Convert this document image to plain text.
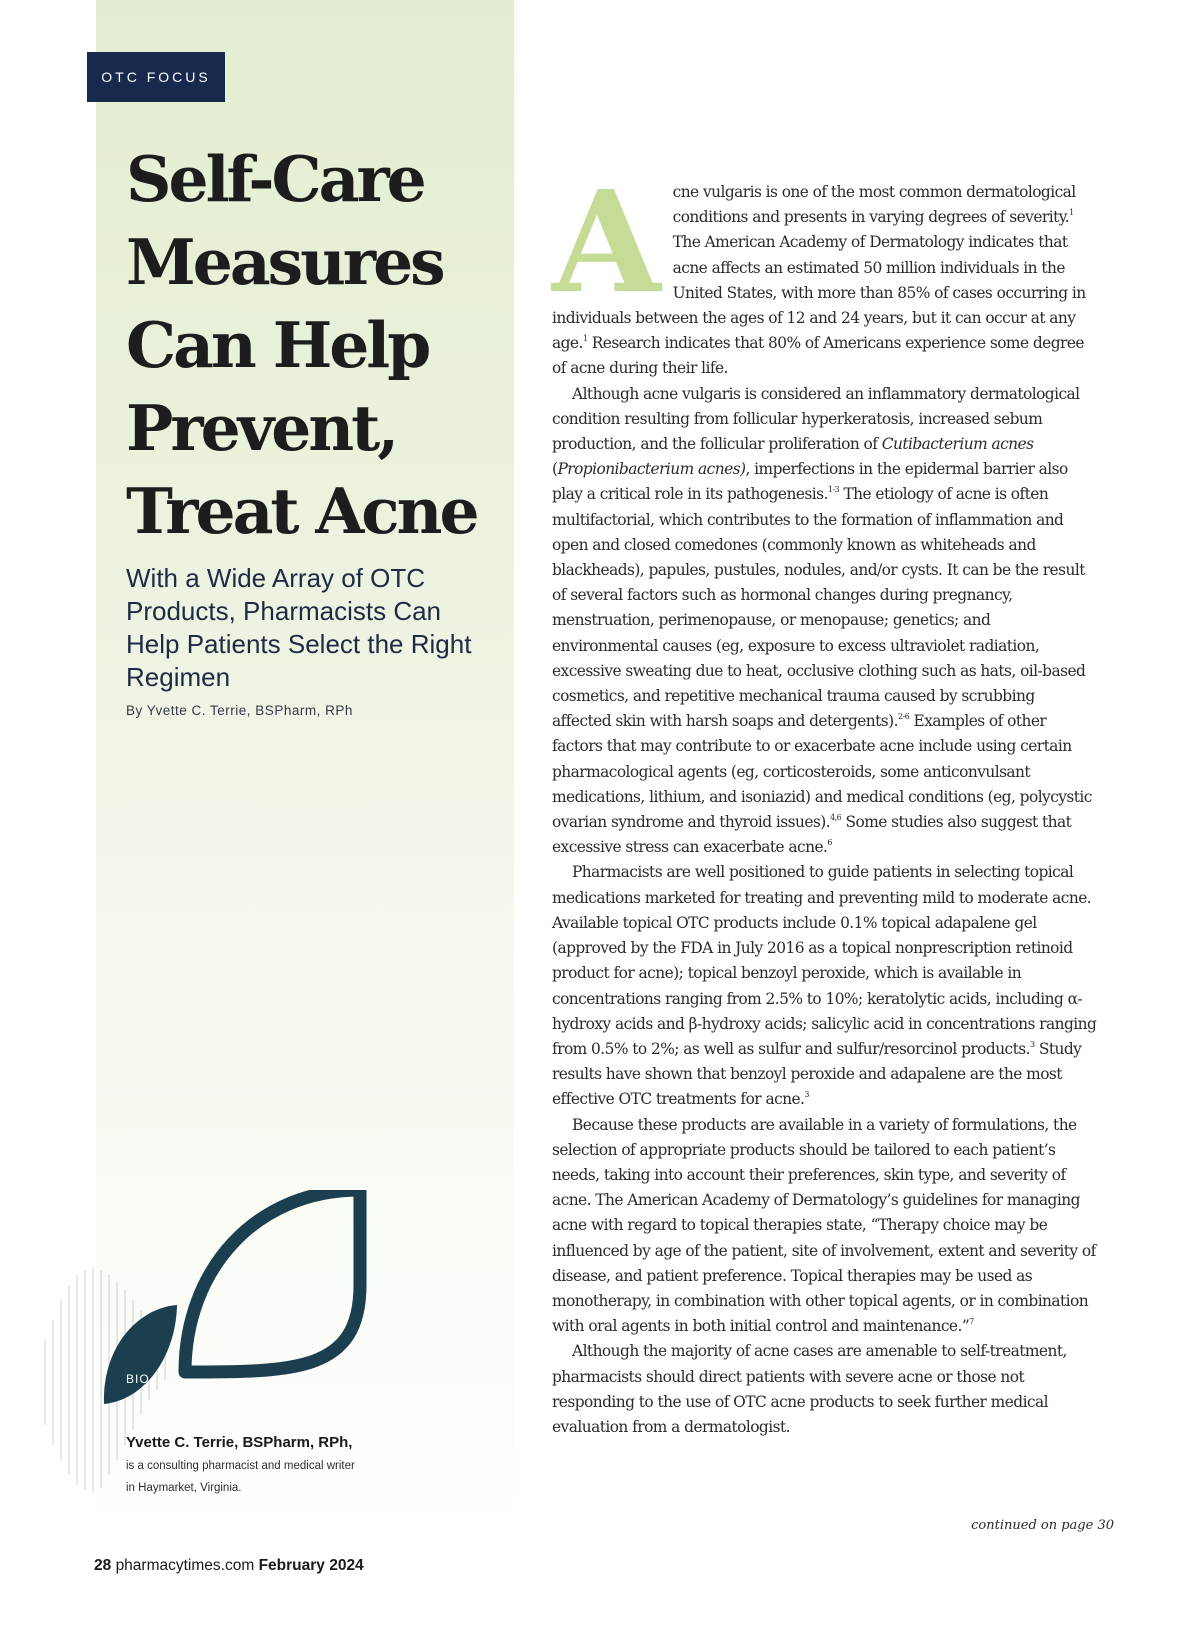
OTC FOCUS
Self-Care
Measures
Can Help
Prevent,
Treat Acne
With a Wide Array of OTC Products, Pharmacists Can Help Patients Select the Right Regimen
By Yvette C. Terrie, BSPharm, RPh
BIO
Yvette C. Terrie, BSPharm, RPh, is a consulting pharmacist and medical writer in Haymarket, Virginia.

Acne vulgaris is one of the most common dermatological conditions and presents in varying degrees of severity.$^1$ The American Academy of Dermatology indicates that acne affects an estimated 50 million individuals in the United States, with more than 85% of cases occurring in individuals between the ages of 12 and 24 years, but it can occur at any age.$^1$ Research indicates that 80% of Americans experience some degree of acne during their life.

Although acne vulgaris is considered an inflammatory dermatological condition resulting from follicular hyperkeratosis, increased sebum production, and the follicular proliferation of Cutibacterium acnes (Propionibacterium acnes), imperfections in the epidermal barrier also play a critical role in its pathogenesis.$^{1-3}$ The etiology of acne is often multifactorial, which contributes to the formation of inflammation and open and closed comedones (commonly known as whiteheads and blackheads), papules, pustules, nodules, and/or cysts. It can be the result of several factors such as hormonal changes during pregnancy, menstruation, perimenopause, or menopause; genetics; and environmental causes (eg, exposure to excess ultraviolet radiation, excessive sweating due to heat, occlusive clothing such as hats, oil-based cosmetics, and repetitive mechanical trauma caused by scrubbing affected skin with harsh soaps and detergents).$^{2-6}$ Examples of other factors that may contribute to or exacerbate acne include using certain pharmacological agents (eg, corticosteroids, some anticonvulsant medications, lithium, and isoniazid) and medical conditions (eg, polycystic ovarian syndrome and thyroid issues).$^{4,6}$ Some studies also suggest that excessive stress can exacerbate acne.$^6$

Pharmacists are well positioned to guide patients in selecting topical medications marketed for treating and preventing mild to moderate acne. Available topical OTC products include 0.1% topical adapalene gel (approved by the FDA in July 2016 as a topical nonprescription retinoid product for acne); topical benzoyl peroxide, which is available in concentrations ranging from 2.5% to 10%; keratolytic acids, including α-hydroxy acids and β-hydroxy acids; salicylic acid in concentrations ranging from 0.5% to 2%; as well as sulfur and sulfur/resorcinol products.$^3$ Study results have shown that benzoyl peroxide and adapalene are the most effective OTC treatments for acne.$^3$

Because these products are available in a variety of formulations, the selection of appropriate products should be tailored to each patient’s needs, taking into account their preferences, skin type, and severity of acne. The American Academy of Dermatology’s guidelines for managing acne with regard to topical therapies state, “Therapy choice may be influenced by age of the patient, site of involvement, extent and severity of disease, and patient preference. Topical therapies may be used as monotherapy, in combination with other topical agents, or in combination with oral agents in both initial control and maintenance.”$^7$

Although the majority of acne cases are amenable to self-treatment, pharmacists should direct patients with severe acne or those not responding to the use of OTC acne products to seek further medical evaluation from a dermatologist.

continued on page 30
28 pharmacytimes.com February 2024
